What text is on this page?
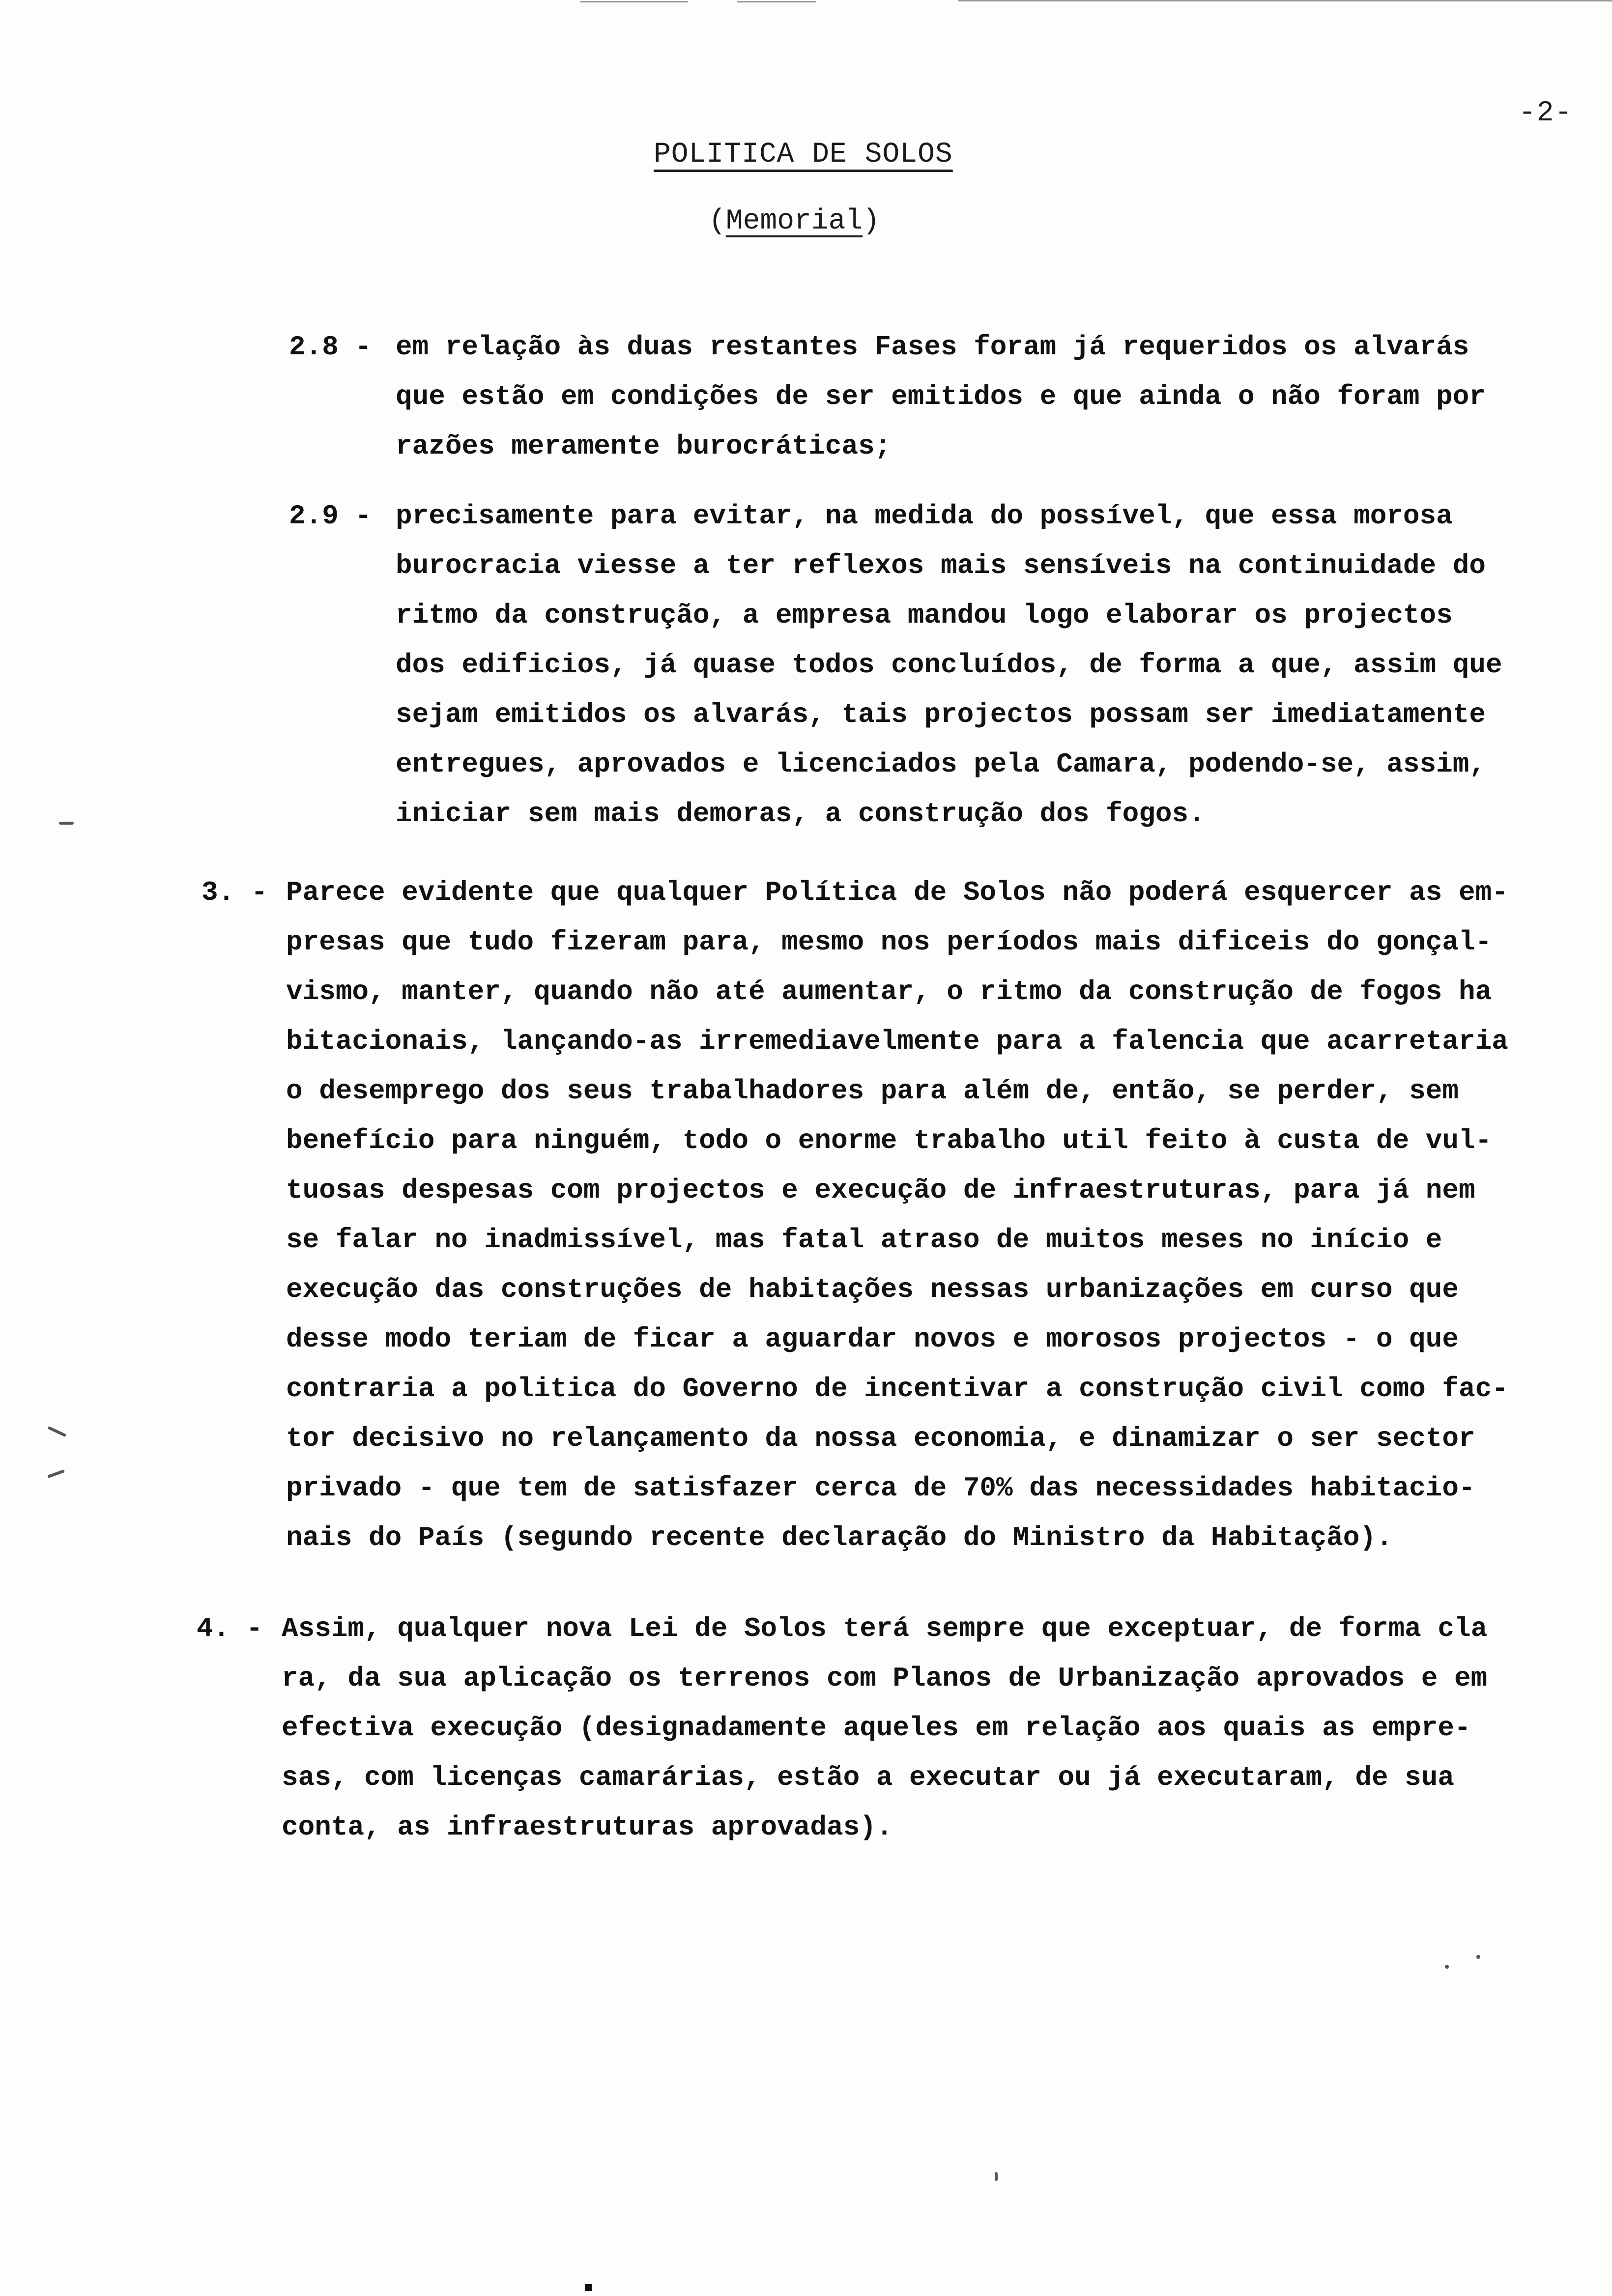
-2-
POLITICA DE SOLOS
(Memorial)
2.8 - em relação às duas restantes Fases foram já requeridos os alvarás
que estão em condições de ser emitidos e que ainda o não foram por
razões meramente burocráticas;
2.9 - precisamente para evitar, na medida do possível, que essa morosa
burocracia viesse a ter reflexos mais sensíveis na continuidade do
ritmo da construção, a empresa mandou logo elaborar os projectos
dos edificios, já quase todos concluídos, de forma a que, assim que
sejam emitidos os alvarás, tais projectos possam ser imediatamente
entregues, aprovados e licenciados pela Camara, podendo-se, assim,
iniciar sem mais demoras, a construção dos fogos.
3. - Parece evidente que qualquer Política de Solos não poderá esquercer as em-
presas que tudo fizeram para, mesmo nos períodos mais dificeis do gonçal-
vismo, manter, quando não até aumentar, o ritmo da construção de fogos ha
bitacionais, lançando-as irremediavelmente para a falencia que acarretaria
o desemprego dos seus trabalhadores para além de, então, se perder, sem
benefício para ninguém, todo o enorme trabalho util feito à custa de vul-
tuosas despesas com projectos e execução de infraestruturas, para já nem
se falar no inadmissível, mas fatal atraso de muitos meses no início e
execução das construções de habitações nessas urbanizações em curso que
desse modo teriam de ficar a aguardar novos e morosos projectos - o que
contraria a politica do Governo de incentivar a construção civil como fac-
tor decisivo no relançamento da nossa economia, e dinamizar o ser sector
privado - que tem de satisfazer cerca de 70% das necessidades habitacio-
nais do País (segundo recente declaração do Ministro da Habitação).
4. - Assim, qualquer nova Lei de Solos terá sempre que exceptuar, de forma cla
ra, da sua aplicação os terrenos com Planos de Urbanização aprovados e em
efectiva execução (designadamente aqueles em relação aos quais as empre-
sas, com licenças camarárias, estão a executar ou já executaram, de sua
conta, as infraestruturas aprovadas).
